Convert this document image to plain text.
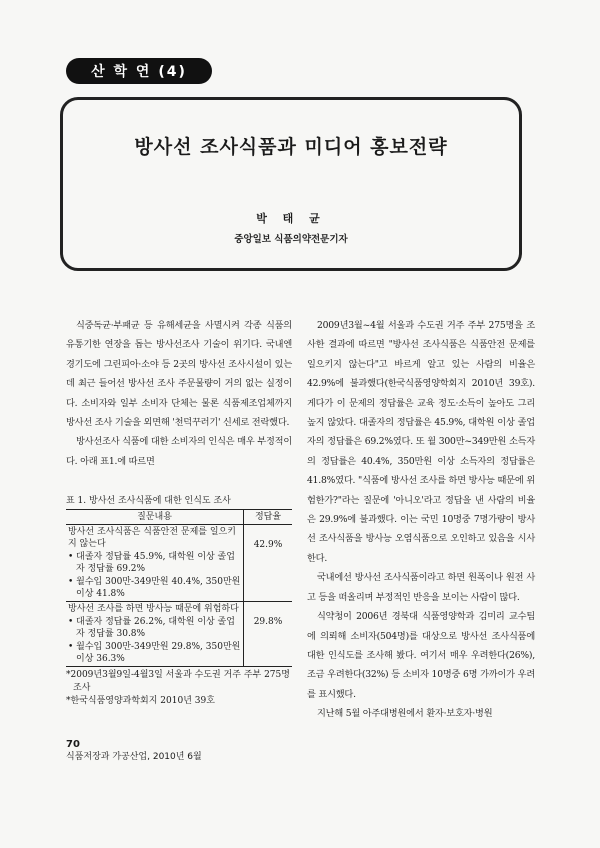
산 학 연 (4)
방사선 조사식품과 미디어 홍보전략
박 태 균
중앙일보 식품의약전문기자

식중독균·부패균 등 유해세균을 사멸시켜 각종 식품의 유통기한 연장을 돕는 방사선조사 기술이 위기다. 국내엔 경기도에 그린피아·소야 등 2곳의 방사선 조사시설이 있는데 최근 들어선 방사선 조사 주문물량이 거의 없는 실정이다. 소비자와 일부 소비자 단체는 물론 식품제조업체까지 방사선 조사 기술을 외면해 '천덕꾸러기' 신세로 전락했다.

방사선조사 식품에 대한 소비자의 인식은 매우 부정적이다. 아래 표1.에 따르면

표 1. 방사선 조사식품에 대한 인식도 조사
질문내용	정답율

방사선 조사식품은 식품안전 문제를 일으키지 않는다
• 대졸자 정답률 45.9%, 대학원 이상 졸업자 정답률 69.2%
• 월수입 300만-349만원 40.4%, 350만원 이상 41.8%	42.9%

방사선 조사를 하면 방사능 때문에 위험하다
• 대졸자 정답률 26.2%, 대학원 이상 졸업자 정답률 30.8%
• 월수입 300만-349만원 29.8%, 350만원 이상 36.3%	29.8%
*2009년3월9일-4월3일 서울과 수도권 거주 주부 275명 조사
*한국식품영양과학회지 2010년 39호

2009년3월~4월 서울과 수도권 거주 주부 275명을 조사한 결과에 따르면 "방사선 조사식품은 식품안전 문제를 일으키지 않는다"고 바르게 알고 있는 사람의 비율은 42.9%에 불과했다(한국식품영양학회지 2010년 39호). 게다가 이 문제의 정답률은 교육 정도·소득이 높아도 그리 높지 않았다. 대졸자의 정답률은 45.9%, 대학원 이상 졸업자의 정답률은 69.2%였다. 또 월 300만~349만원 소득자의 정답률은 40.4%, 350만원 이상 소득자의 정답률은 41.8%였다. "식품에 방사선 조사를 하면 방사능 때문에 위험한가?"라는 질문에 '아니오'라고 정답을 낸 사람의 비율은 29.9%에 불과했다. 이는 국민 10명중 7명가량이 방사선 조사식품을 방사능 오염식품으로 오인하고 있음을 시사한다.

국내에선 방사선 조사식품이라고 하면 원폭이나 원전 사고 등을 떠올리며 부정적인 반응을 보이는 사람이 많다.

식약청이 2006년 경북대 식품영양학과 김미리 교수팀에 의뢰해 소비자(504명)를 대상으로 방사선 조사식품에 대한 인식도를 조사해 봤다. 여기서 매우 우려한다(26%), 조금 우려한다(32%) 등 소비자 10명중 6명 가까이가 우려를 표시했다.

지난해 5월 아주대병원에서 환자·보호자·병원

70
식품저장과 가공산업, 2010년 6월
